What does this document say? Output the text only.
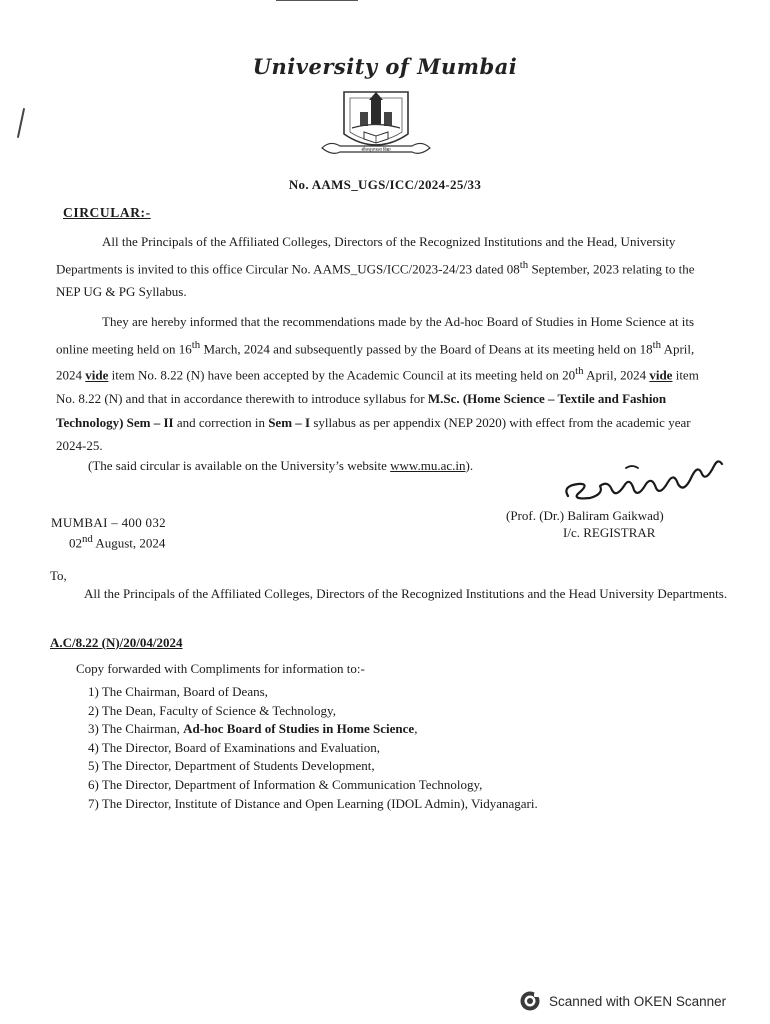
University of Mumbai
शीलवृत्तफला विद्या
No. AAMS_UGS/ICC/2024-25/33
CIRCULAR:-
All the Principals of the Affiliated Colleges, Directors of the Recognized Institutions and the Head, University Departments is invited to this office Circular No. AAMS_UGS/ICC/2023-24/23 dated 08th September, 2023 relating to the NEP UG & PG Syllabus.
They are hereby informed that the recommendations made by the Ad-hoc Board of Studies in Home Science at its online meeting held on 16th March, 2024 and subsequently passed by the Board of Deans at its meeting held on 18th April, 2024 vide item No. 8.22 (N) have been accepted by the Academic Council at its meeting held on 20th April, 2024 vide item No. 8.22 (N) and that in accordance therewith to introduce syllabus for M.Sc. (Home Science – Textile and Fashion Technology) Sem – II and correction in Sem – I syllabus as per appendix (NEP 2020) with effect from the academic year 2024-25.
(The said circular is available on the University’s website www.mu.ac.in).
MUMBAI – 400 032
02nd August, 2024
(Prof. (Dr.) Baliram Gaikwad)
I/c. REGISTRAR
To,
All the Principals of the Affiliated Colleges, Directors of the Recognized Institutions and the Head University Departments.
A.C/8.22 (N)/20/04/2024
Copy forwarded with Compliments for information to:-
1) The Chairman, Board of Deans,
2) The Dean, Faculty of Science & Technology,
3) The Chairman, Ad-hoc Board of Studies in Home Science,
4) The Director, Board of Examinations and Evaluation,
5) The Director, Department of Students Development,
6) The Director, Department of Information & Communication Technology,
7) The Director, Institute of Distance and Open Learning (IDOL Admin), Vidyanagari.
Scanned with OKEN Scanner
